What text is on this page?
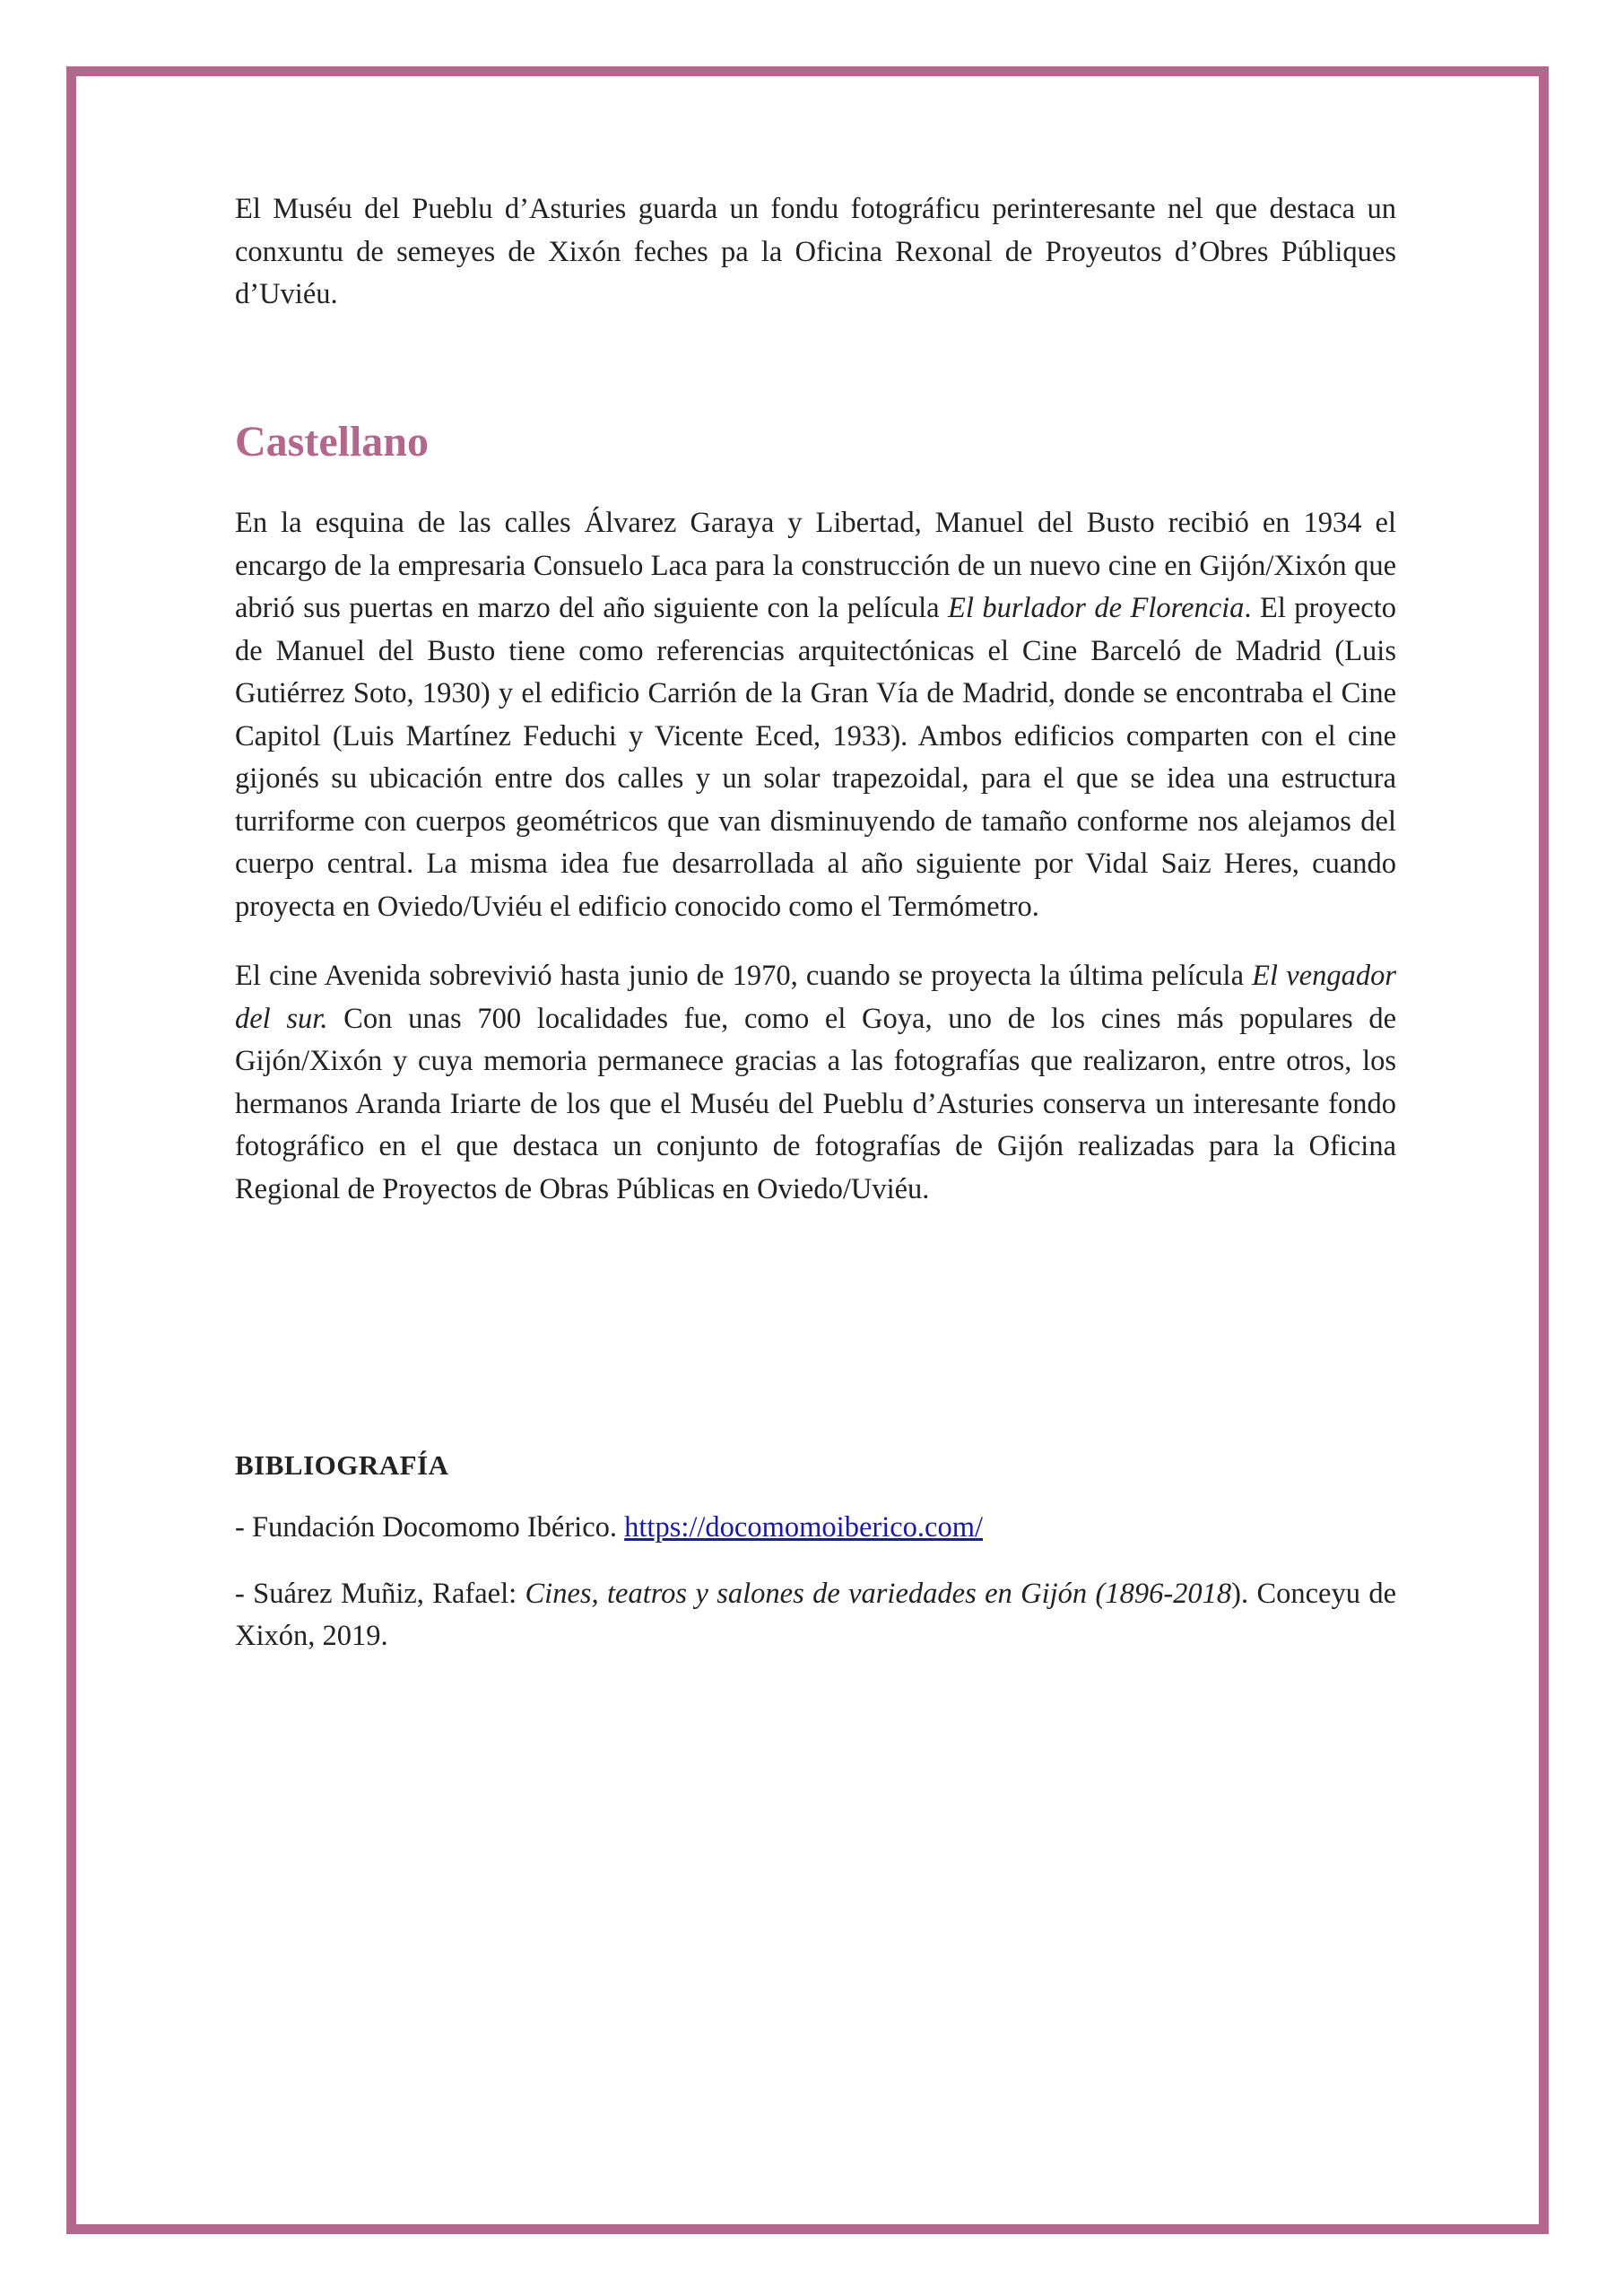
El Muséu del Pueblu d’Asturies guarda un fondu fotográficu perinteresante nel que destaca un conxuntu de semeyes de Xixón feches pa la Oficina Rexonal de Proyeutos d’Obres Públiques d’Uviéu.

Castellano

En la esquina de las calles Álvarez Garaya y Libertad, Manuel del Busto recibió en 1934 el encargo de la empresaria Consuelo Laca para la construcción de un nuevo cine en Gijón/Xixón que abrió sus puertas en marzo del año siguiente con la película El burlador de Florencia. El proyecto de Manuel del Busto tiene como referencias arquitectónicas el Cine Barceló de Madrid (Luis Gutiérrez Soto, 1930) y el edificio Carrión de la Gran Vía de Madrid, donde se encontraba el Cine Capitol (Luis Martínez Feduchi y Vicente Eced, 1933). Ambos edificios comparten con el cine gijonés su ubicación entre dos calles y un solar trapezoidal, para el que se idea una estructura turriforme con cuerpos geométricos que van disminuyendo de tamaño conforme nos alejamos del cuerpo central. La misma idea fue desarrollada al año siguiente por Vidal Saiz Heres, cuando proyecta en Oviedo/Uviéu el edificio conocido como el Termómetro.

El cine Avenida sobrevivió hasta junio de 1970, cuando se proyecta la última película El vengador del sur. Con unas 700 localidades fue, como el Goya, uno de los cines más populares de Gijón/Xixón y cuya memoria permanece gracias a las fotografías que realizaron, entre otros, los hermanos Aranda Iriarte de los que el Muséu del Pueblu d’Asturies conserva un interesante fondo fotográfico en el que destaca un conjunto de fotografías de Gijón realizadas para la Oficina Regional de Proyectos de Obras Públicas en Oviedo/Uviéu.

BIBLIOGRAFÍA

- Fundación Docomomo Ibérico. https://docomomoiberico.com/

- Suárez Muñiz, Rafael: Cines, teatros y salones de variedades en Gijón (1896-2018). Conceyu de Xixón, 2019.
